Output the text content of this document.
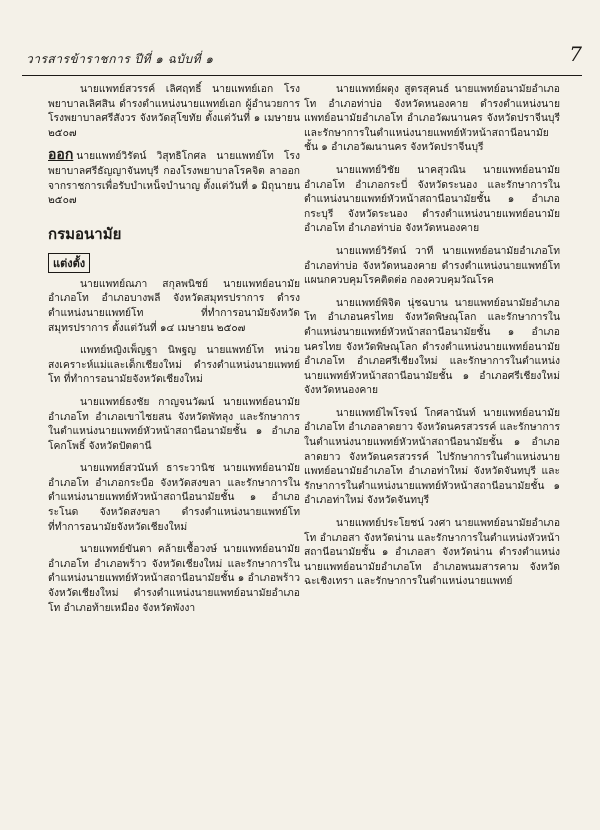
วารสารข้าราชการ ปีที่ ๑ ฉบับที่ ๑	7

นายแพทย์สวรรค์ เลิศฤทธิ์ นายแพทย์เอก โรงพยาบาลเลิศสิน ดำรงตำแหน่งนายแพทย์เอก ผู้อำนวยการโรงพยาบาลศรีสังวร จังหวัดสุโขทัย ตั้งแต่วันที่ ๑ เมษายน ๒๕๐๗

ออก นายแพทย์วิรัตน์ วิสุทธิโกศล นายแพทย์โท โรงพยาบาลศรีธัญญาจันทบุรี กองโรงพยาบาลโรคจิต ลาออกจากราชการเพื่อรับบำเหน็จบำนาญ ตั้งแต่วันที่ ๑ มิถุนายน ๒๕๐๗

กรมอนามัย
แต่งตั้ง

นายแพทย์ณภา สกุลพนิชย์ นายแพทย์อนามัยอำเภอโท อำเภอบางพลี จังหวัดสมุทรปราการ ดำรงตำแหน่งนายแพทย์โท ที่ทำการอนามัยจังหวัดสมุทรปราการ ตั้งแต่วันที่ ๑๔ เมษายน ๒๕๐๗

แพทย์หญิงเพ็ญฐา นิพฐญ นายแพทย์โท หน่วยสงเคราะห์แม่และเด็กเชียงใหม่ ดำรงตำแหน่งนายแพทย์โท ที่ทำการอนามัยจังหวัดเชียงใหม่

นายแพทย์ธงชัย กาญจนวัฒน์ นายแพทย์อนามัยอำเภอโท อำเภอเขาไชยสน จังหวัดพัทลุง และรักษาการในตำแหน่งนายแพทย์หัวหน้าสถานีอนามัยชั้น ๑ อำเภอโคกโพธิ์ จังหวัดปัตตานี

นายแพทย์สวนันท์ ธาระวานิช นายแพทย์อนามัยอำเภอโท อำเภอกระบือ จังหวัดสงขลา และรักษาการในตำแหน่งนายแพทย์หัวหน้าสถานีอนามัยชั้น ๑ อำเภอระโนด จังหวัดสงขลา ดำรงตำแหน่งนายแพทย์โท ที่ทำการอนามัยจังหวัดเชียงใหม่

นายแพทย์ขันตา คล้ายเชื้อวงษ์ นายแพทย์อนามัยอำเภอโท อำเภอพร้าว จังหวัดเชียงใหม่ และรักษาการในตำแหน่งนายแพทย์หัวหน้าสถานีอนามัยชั้น ๑ อำเภอพร้าว จังหวัดเชียงใหม่ ดำรงตำแหน่งนายแพทย์อนามัยอำเภอโท อำเภอท้ายเหมือง จังหวัดพังงา

นายแพทย์ผดุง สูตรสุคนธ์ นายแพทย์อนามัยอำเภอโท อำเภอท่าบ่อ จังหวัดหนองคาย ดำรงตำแหน่งนายแพทย์อนามัยอำเภอโท อำเภอวัฒนานคร จังหวัดปราจีนบุรี และรักษาการในตำแหน่งนายแพทย์หัวหน้าสถานีอนามัยชั้น ๑ อำเภอวัฒนานคร จังหวัดปราจีนบุรี

นายแพทย์วิชัย นาคสุวณิน นายแพทย์อนามัยอำเภอโท อำเภอกระบี่ จังหวัดระนอง และรักษาการในตำแหน่งนายแพทย์หัวหน้าสถานีอนามัยชั้น ๑ อำเภอกระบุรี จังหวัดระนอง ดำรงตำแหน่งนายแพทย์อนามัยอำเภอโท อำเภอท่าบ่อ จังหวัดหนองคาย

นายแพทย์วิรัตน์ วาที นายแพทย์อนามัยอำเภอโท อำเภอท่าบ่อ จังหวัดหนองคาย ดำรงตำแหน่งนายแพทย์โท แผนกควบคุมโรคติดต่อ กองควบคุมวัณโรค

นายแพทย์พิจิต นุ่ชฉบาน นายแพทย์อนามัยอำเภอโท อำเภอนครไทย จังหวัดพิษณุโลก และรักษาการในตำแหน่งนายแพทย์หัวหน้าสถานีอนามัยชั้น ๑ อำเภอนครไทย จังหวัดพิษณุโลก ดำรงตำแหน่งนายแพทย์อนามัยอำเภอโท อำเภอศรีเชียงใหม่ และรักษาการในตำแหน่งนายแพทย์หัวหน้าสถานีอนามัยชั้น ๑ อำเภอศรีเชียงใหม่ จังหวัดหนองคาย

นายแพทย์ไพโรจน์ โกศลานันท์ นายแพทย์อนามัยอำเภอโท อำเภอลาดยาว จังหวัดนครสวรรค์ และรักษาการในตำแหน่งนายแพทย์หัวหน้าสถานีอนามัยชั้น ๑ อำเภอลาดยาว จังหวัดนครสวรรค์ ไปรักษาการในตำแหน่งนายแพทย์อนามัยอำเภอโท อำเภอท่าใหม่ จังหวัดจันทบุรี และรักษาการในตำแหน่งนายแพทย์หัวหน้าสถานีอนามัยชั้น ๑ อำเภอท่าใหม่ จังหวัดจันทบุรี

นายแพทย์ประโยชน์ วงศา นายแพทย์อนามัยอำเภอโท อำเภอสา จังหวัดน่าน และรักษาการในตำแหน่งหัวหน้าสถานีอนามัยชั้น ๑ อำเภอสา จังหวัดน่าน ดำรงตำแหน่งนายแพทย์อนามัยอำเภอโท อำเภอพนมสารคาม จังหวัดฉะเชิงเทรา และรักษาการในตำแหน่งนายแพทย์
